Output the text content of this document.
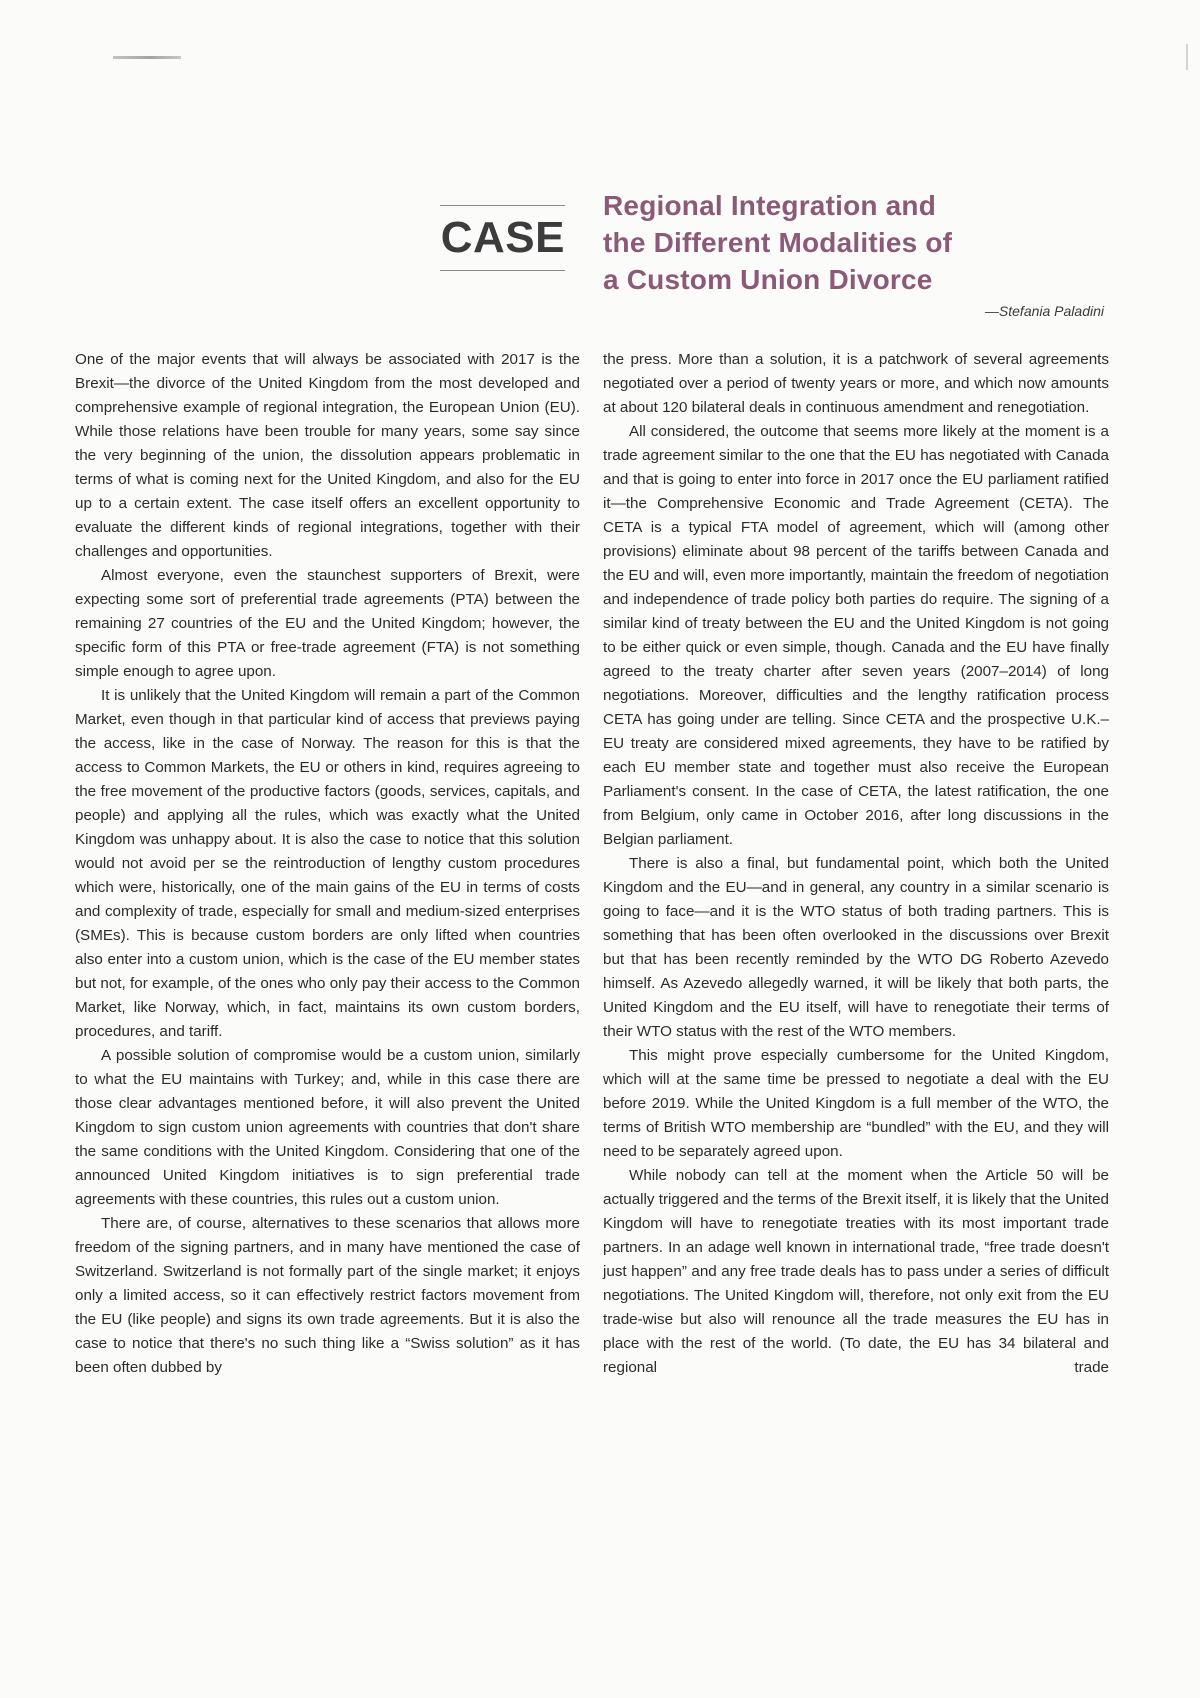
CASE
Regional Integration and
the Different Modalities of
a Custom Union Divorce
—Stefania Paladini

One of the major events that will always be associated with 2017 is the Brexit—the divorce of the United Kingdom from the most developed and comprehensive example of regional integration, the European Union (EU). While those relations have been trouble for many years, some say since the very beginning of the union, the dissolution appears problematic in terms of what is coming next for the United Kingdom, and also for the EU up to a certain extent. The case itself offers an excellent opportunity to evaluate the different kinds of regional integrations, together with their challenges and opportunities.

Almost everyone, even the staunchest supporters of Brexit, were expecting some sort of preferential trade agreements (PTA) between the remaining 27 countries of the EU and the United Kingdom; however, the specific form of this PTA or free-trade agreement (FTA) is not something simple enough to agree upon.

It is unlikely that the United Kingdom will remain a part of the Common Market, even though in that particular kind of access that previews paying the access, like in the case of Norway. The reason for this is that the access to Common Markets, the EU or others in kind, requires agreeing to the free movement of the productive factors (goods, services, capitals, and people) and applying all the rules, which was exactly what the United Kingdom was unhappy about. It is also the case to notice that this solution would not avoid per se the reintroduction of lengthy custom procedures which were, historically, one of the main gains of the EU in terms of costs and complexity of trade, especially for small and medium-sized enterprises (SMEs). This is because custom borders are only lifted when countries also enter into a custom union, which is the case of the EU member states but not, for example, of the ones who only pay their access to the Common Market, like Norway, which, in fact, maintains its own custom borders, procedures, and tariff.

A possible solution of compromise would be a custom union, similarly to what the EU maintains with Turkey; and, while in this case there are those clear advantages mentioned before, it will also prevent the United Kingdom to sign custom union agreements with countries that don't share the same conditions with the United Kingdom. Considering that one of the announced United Kingdom initiatives is to sign preferential trade agreements with these countries, this rules out a custom union.

There are, of course, alternatives to these scenarios that allows more freedom of the signing partners, and in many have mentioned the case of Switzerland. Switzerland is not formally part of the single market; it enjoys only a limited access, so it can effectively restrict factors movement from the EU (like people) and signs its own trade agreements. But it is also the case to notice that there's no such thing like a “Swiss solution” as it has been often dubbed by

the press. More than a solution, it is a patchwork of several agreements negotiated over a period of twenty years or more, and which now amounts at about 120 bilateral deals in continuous amendment and renegotiation.

All considered, the outcome that seems more likely at the moment is a trade agreement similar to the one that the EU has negotiated with Canada and that is going to enter into force in 2017 once the EU parliament ratified it—the Comprehensive Economic and Trade Agreement (CETA). The CETA is a typical FTA model of agreement, which will (among other provisions) eliminate about 98 percent of the tariffs between Canada and the EU and will, even more importantly, maintain the freedom of negotiation and independence of trade policy both parties do require. The signing of a similar kind of treaty between the EU and the United Kingdom is not going to be either quick or even simple, though. Canada and the EU have finally agreed to the treaty charter after seven years (2007–2014) of long negotiations. Moreover, difficulties and the lengthy ratification process CETA has going under are telling. Since CETA and the prospective U.K.–EU treaty are considered mixed agreements, they have to be ratified by each EU member state and together must also receive the European Parliament's consent. In the case of CETA, the latest ratification, the one from Belgium, only came in October 2016, after long discussions in the Belgian parliament.

There is also a final, but fundamental point, which both the United Kingdom and the EU—and in general, any country in a similar scenario is going to face—and it is the WTO status of both trading partners. This is something that has been often overlooked in the discussions over Brexit but that has been recently reminded by the WTO DG Roberto Azevedo himself. As Azevedo allegedly warned, it will be likely that both parts, the United Kingdom and the EU itself, will have to renegotiate their terms of their WTO status with the rest of the WTO members.

This might prove especially cumbersome for the United Kingdom, which will at the same time be pressed to negotiate a deal with the EU before 2019. While the United Kingdom is a full member of the WTO, the terms of British WTO membership are “bundled” with the EU, and they will need to be separately agreed upon.

While nobody can tell at the moment when the Article 50 will be actually triggered and the terms of the Brexit itself, it is likely that the United Kingdom will have to renegotiate treaties with its most important trade partners. In an adage well known in international trade, “free trade doesn't just happen” and any free trade deals has to pass under a series of difficult negotiations. The United Kingdom will, therefore, not only exit from the EU trade-wise but also will renounce all the trade measures the EU has in place with the rest of the world. (To date, the EU has 34 bilateral and regional trade
